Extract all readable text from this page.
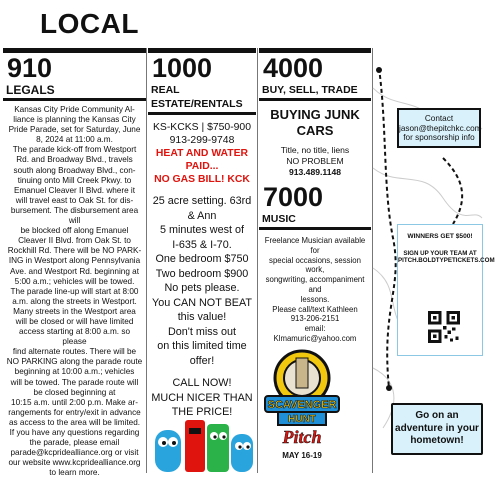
LOCAL
910
LEGALS
Kansas City Pride Community Al-
liance is planning the Kansas City
Pride Parade, set for Saturday, June
8, 2024 at 11:00 a.m.
The parade kick-off from Westport
Rd. and Broadway Blvd., travels
south along Broadway Blvd., con-
tinuing onto Mill Creek Pkwy. to
Emanuel Cleaver II Blvd. where it
will travel east to Oak St. for dis-
bursement. The disbursement area will
be blocked off along Emanuel
Cleaver II Blvd. from Oak St. to
Rockhill Rd. There will be NO PARK-
ING in Westport along Pennsylvania
Ave. and Westport Rd. beginning at
5:00 a.m.; vehicles will be towed.
The parade line-up will start at 8:00
a.m. along the streets in Westport.
Many streets in the Westport area
will be closed or will have limited
access starting at 8:00 a.m. so please
find alternate routes. There will be
NO PARKING along the parade route
beginning at 10:00 a.m.; vehicles
will be towed. The parade route will
be closed beginning at
10:15 a.m. until 2:00 p.m. Make ar-
rangements for entry/exit in advance
as access to the area will be limited.
If you have any questions regarding
the parade, please email
parade@kcpridealliance.org or visit
our website www.kcpridealliance.org
to learn more.
1000
REAL ESTATE/RENTALS
KS-KCKS | $750-900
913-299-9748
HEAT AND WATER
PAID...
NO GAS BILL! KCK
25 acre setting. 63rd
& Ann
5 minutes west of
I-635 & I-70.
One bedroom $750
Two bedroom $900
No pets please.
You CAN NOT BEAT
this value!
Don't miss out
on this limited time
offer!
CALL NOW!
MUCH NICER THAN
THE PRICE!
4000
BUY, SELL, TRADE
BUYING JUNK
CARS
Title, no title, liens
NO PROBLEM
913.489.1148
7000
MUSIC
Freelance Musician available for
special occasions, session work,
songwriting, accompaniment and
lessons.
Please call/text Kathleen
913-206-2151
email:
Klmamuric@yahoo.com
SCAVENGER
HUNT
Pitch
MAY 16-19
Contact
jason@thepitchkc.com
for sponsorship info
WINNERS GET $500!
SIGN UP YOUR TEAM AT
PITCH.BOLDTYPETICKETS.COM
Go on an
adventure in your
hometown!
